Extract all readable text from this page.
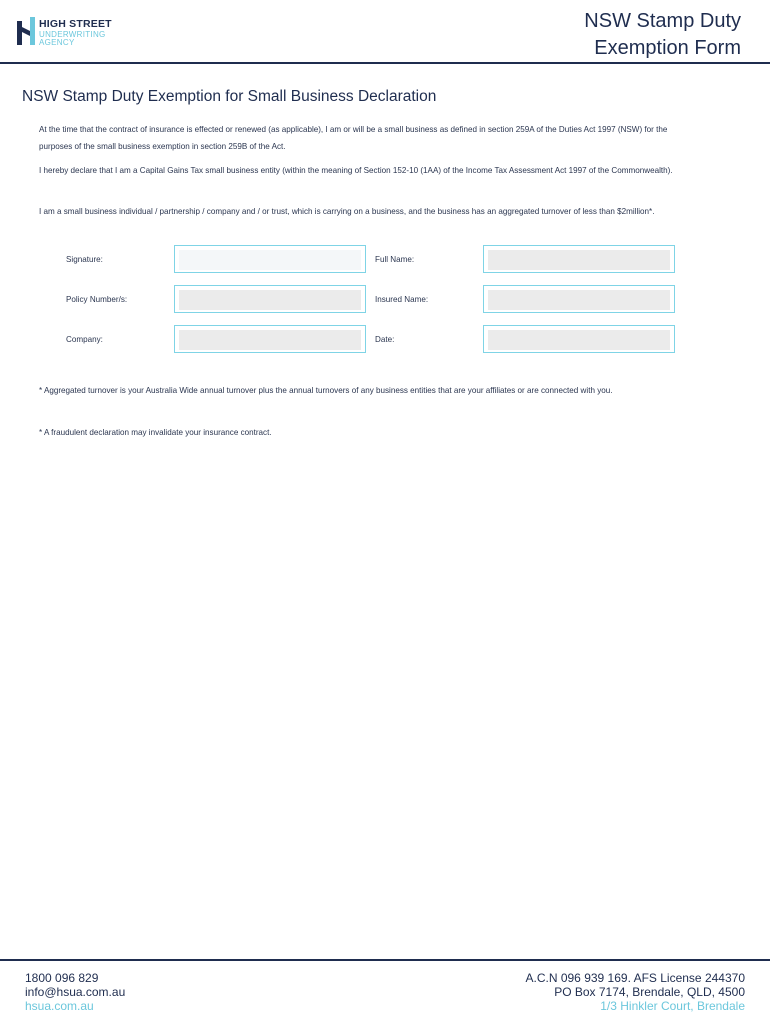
HIGH STREET
UNDERWRITING
AGENCY
NSW Stamp Duty
Exemption Form
NSW Stamp Duty Exemption for Small Business Declaration
At the time that the contract of insurance is effected or renewed (as applicable), I am or will be a small business as defined in section 259A of the Duties Act 1997 (NSW) for the purposes of the small business exemption in section 259B of the Act.
I hereby declare that I am a Capital Gains Tax small business entity (within the meaning of Section 152-10 (1AA) of the Income Tax Assessment Act 1997 of the Commonwealth).
I am a small business individual / partnership / company and / or trust, which is carrying on a business, and the business has an aggregated turnover of less than $2million*.
Signature:	Full Name:
Policy Number/s:	Insured Name:
Company:	Date:
* Aggregated turnover is your Australia Wide annual turnover plus the annual turnovers of any business entities that are your affiliates or are connected with you.
* A fraudulent declaration may invalidate your insurance contract.
1800 096 829
info@hsua.com.au
hsua.com.au
A.C.N 096 939 169. AFS License 244370
PO Box 7174, Brendale, QLD, 4500
1/3 Hinkler Court, Brendale
